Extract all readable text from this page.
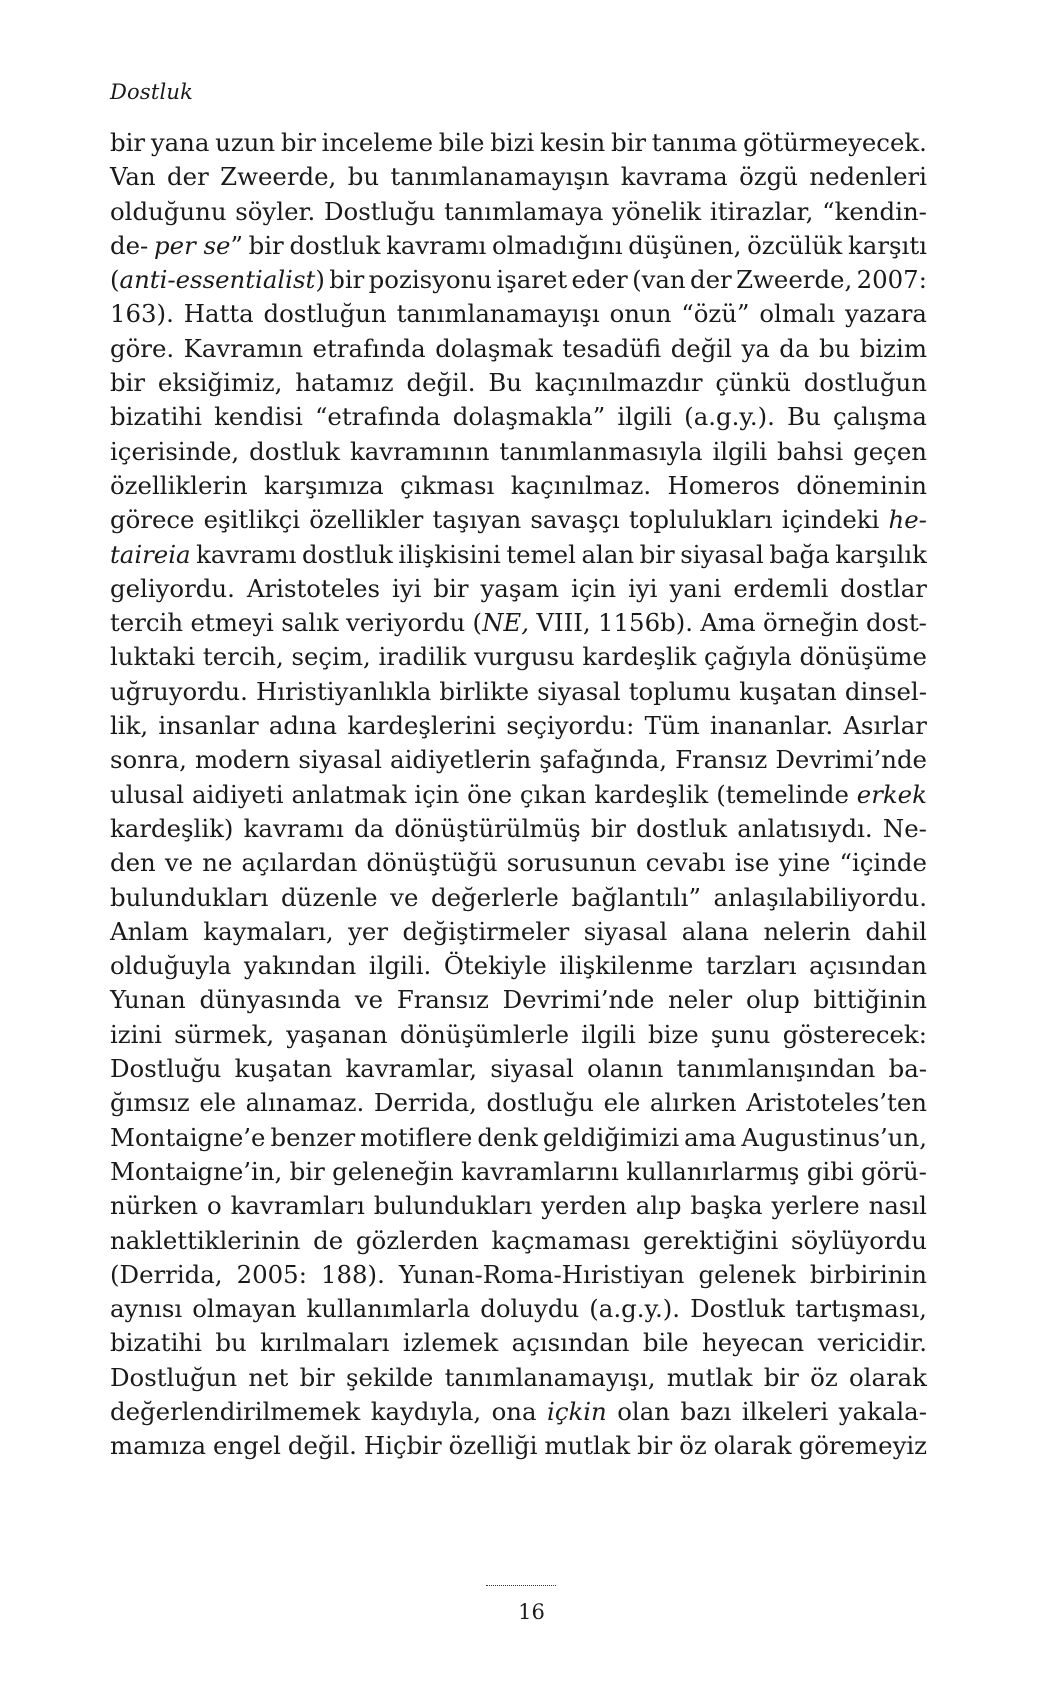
Dostluk
bir yana uzun bir inceleme bile bizi kesin bir tanıma götürmeyecek.
Van der Zweerde, bu tanımlanamayışın kavrama özgü nedenleri
olduğunu söyler. Dostluğu tanımlamaya yönelik itirazlar, “kendin-
de- per se” bir dostluk kavramı olmadığını düşünen, özcülük karşıtı
(anti-essentialist) bir pozisyonu işaret eder (van der Zweerde, 2007:
163). Hatta dostluğun tanımlanamayışı onun “özü” olmalı yazara
göre. Kavramın etrafında dolaşmak tesadüfi değil ya da bu bizim
bir eksiğimiz, hatamız değil. Bu kaçınılmazdır çünkü dostluğun
bizatihi kendisi “etrafında dolaşmakla” ilgili (a.g.y.). Bu çalışma
içerisinde, dostluk kavramının tanımlanmasıyla ilgili bahsi geçen
özelliklerin karşımıza çıkması kaçınılmaz. Homeros döneminin
görece eşitlikçi özellikler taşıyan savaşçı toplulukları içindeki he-
taireia kavramı dostluk ilişkisini temel alan bir siyasal bağa karşılık
geliyordu. Aristoteles iyi bir yaşam için iyi yani erdemli dostlar
tercih etmeyi salık veriyordu (NE, VIII, 1156b). Ama örneğin dost-
luktaki tercih, seçim, iradilik vurgusu kardeşlik çağıyla dönüşüme
uğruyordu. Hıristiyanlıkla birlikte siyasal toplumu kuşatan dinsel-
lik, insanlar adına kardeşlerini seçiyordu: Tüm inananlar. Asırlar
sonra, modern siyasal aidiyetlerin şafağında, Fransız Devrimi’nde
ulusal aidiyeti anlatmak için öne çıkan kardeşlik (temelinde erkek
kardeşlik) kavramı da dönüştürülmüş bir dostluk anlatısıydı. Ne-
den ve ne açılardan dönüştüğü sorusunun cevabı ise yine “içinde
bulundukları düzenle ve değerlerle bağlantılı” anlaşılabiliyordu.
Anlam kaymaları, yer değiştirmeler siyasal alana nelerin dahil
olduğuyla yakından ilgili. Ötekiyle ilişkilenme tarzları açısından
Yunan dünyasında ve Fransız Devrimi’nde neler olup bittiğinin
izini sürmek, yaşanan dönüşümlerle ilgili bize şunu gösterecek:
Dostluğu kuşatan kavramlar, siyasal olanın tanımlanışından ba-
ğımsız ele alınamaz. Derrida, dostluğu ele alırken Aristoteles’ten
Montaigne’e benzer motiflere denk geldiğimizi ama Augustinus’un,
Montaigne’in, bir geleneğin kavramlarını kullanırlarmış gibi görü-
nürken o kavramları bulundukları yerden alıp başka yerlere nasıl
naklettiklerinin de gözlerden kaçmaması gerektiğini söylüyordu
(Derrida, 2005: 188). Yunan-Roma-Hıristiyan gelenek birbirinin
aynısı olmayan kullanımlarla doluydu (a.g.y.). Dostluk tartışması,
bizatihi bu kırılmaları izlemek açısından bile heyecan vericidir.
Dostluğun net bir şekilde tanımlanamayışı, mutlak bir öz olarak
değerlendirilmemek kaydıyla, ona içkin olan bazı ilkeleri yakala-
mamıza engel değil. Hiçbir özelliği mutlak bir öz olarak göremeyiz
16
